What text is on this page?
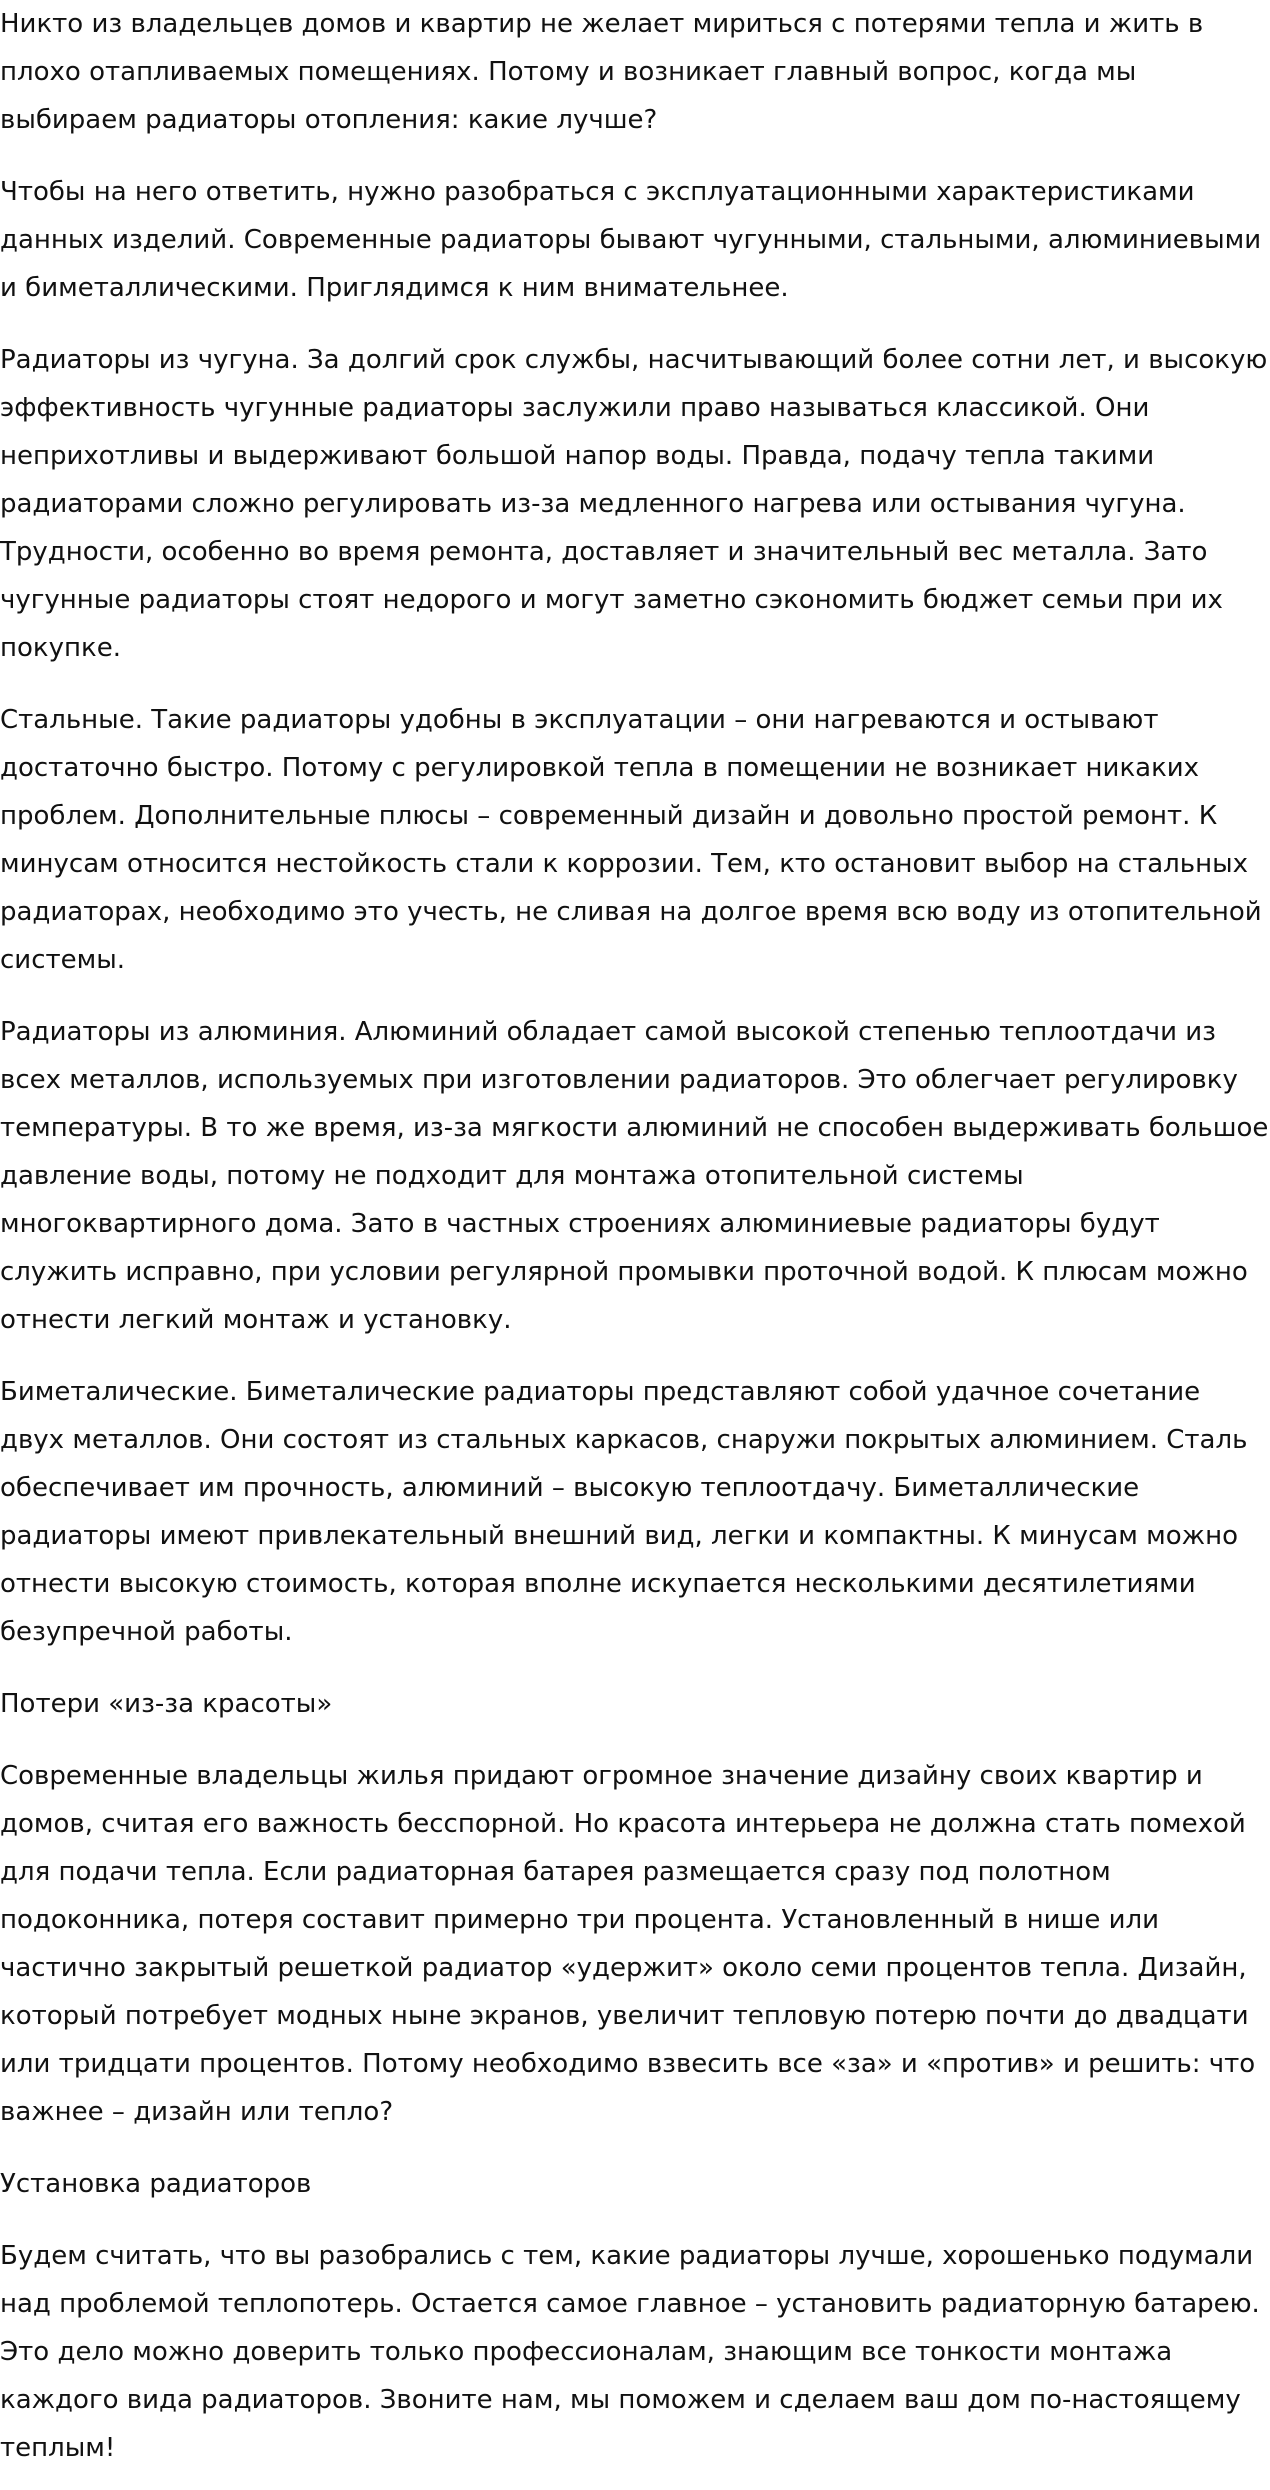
Никто из владельцев домов и квартир не желает мириться с потерями тепла и жить в плохо отапливаемых помещениях. Потому и возникает главный вопрос, когда мы выбираем радиаторы отопления: какие лучше?

Чтобы на него ответить, нужно разобраться с эксплуатационными характеристиками данных изделий. Современные радиаторы бывают чугунными, стальными, алюминиевыми и биметаллическими. Приглядимся к ним внимательнее.

Радиаторы из чугуна. За долгий срок службы, насчитывающий более сотни лет, и высокую эффективность чугунные радиаторы заслужили право называться классикой. Они неприхотливы и выдерживают большой напор воды. Правда, подачу тепла такими радиаторами сложно регулировать из-за медленного нагрева или остывания чугуна. Трудности, особенно во время ремонта, доставляет и значительный вес металла. Зато чугунные радиаторы стоят недорого и могут заметно сэкономить бюджет семьи при их покупке.

Стальные. Такие радиаторы удобны в эксплуатации – они нагреваются и остывают достаточно быстро. Потому с регулировкой тепла в помещении не возникает никаких проблем. Дополнительные плюсы – современный дизайн и довольно простой ремонт. К минусам относится нестойкость стали к коррозии. Тем, кто остановит выбор на стальных радиаторах, необходимо это учесть, не сливая на долгое время всю воду из отопительной системы.

Радиаторы из алюминия. Алюминий обладает самой высокой степенью теплоотдачи из всех металлов, используемых при изготовлении радиаторов. Это облегчает регулировку температуры. В то же время, из-за мягкости алюминий не способен выдерживать большое давление воды, потому не подходит для монтажа отопительной системы многоквартирного дома. Зато в частных строениях алюминиевые радиаторы будут служить исправно, при условии регулярной промывки проточной водой. К плюсам можно отнести легкий монтаж и установку.

Биметалические. Биметалические радиаторы представляют собой удачное сочетание двух металлов. Они состоят из стальных каркасов, снаружи покрытых алюминием. Сталь обеспечивает им прочность, алюминий – высокую теплоотдачу. Биметаллические радиаторы имеют привлекательный внешний вид, легки и компактны. К минусам можно отнести высокую стоимость, которая вполне искупается несколькими десятилетиями безупречной работы.

Потери «из-за красоты»

Современные владельцы жилья придают огромное значение дизайну своих квартир и домов, считая его важность бесспорной. Но красота интерьера не должна стать помехой для подачи тепла. Если радиаторная батарея размещается сразу под полотном подоконника, потеря составит примерно три процента. Установленный в нише или частично закрытый решеткой радиатор «удержит» около семи процентов тепла. Дизайн, который потребует модных ныне экранов, увеличит тепловую потерю почти до двадцати или тридцати процентов. Потому необходимо взвесить все «за» и «против» и решить: что важнее – дизайн или тепло?

Установка радиаторов

Будем считать, что вы разобрались с тем, какие радиаторы лучше, хорошенько подумали над проблемой теплопотерь. Остается самое главное – установить радиаторную батарею. Это дело можно доверить только профессионалам, знающим все тонкости монтажа каждого вида радиаторов. Звоните нам, мы поможем и сделаем ваш дом по-настоящему теплым!
